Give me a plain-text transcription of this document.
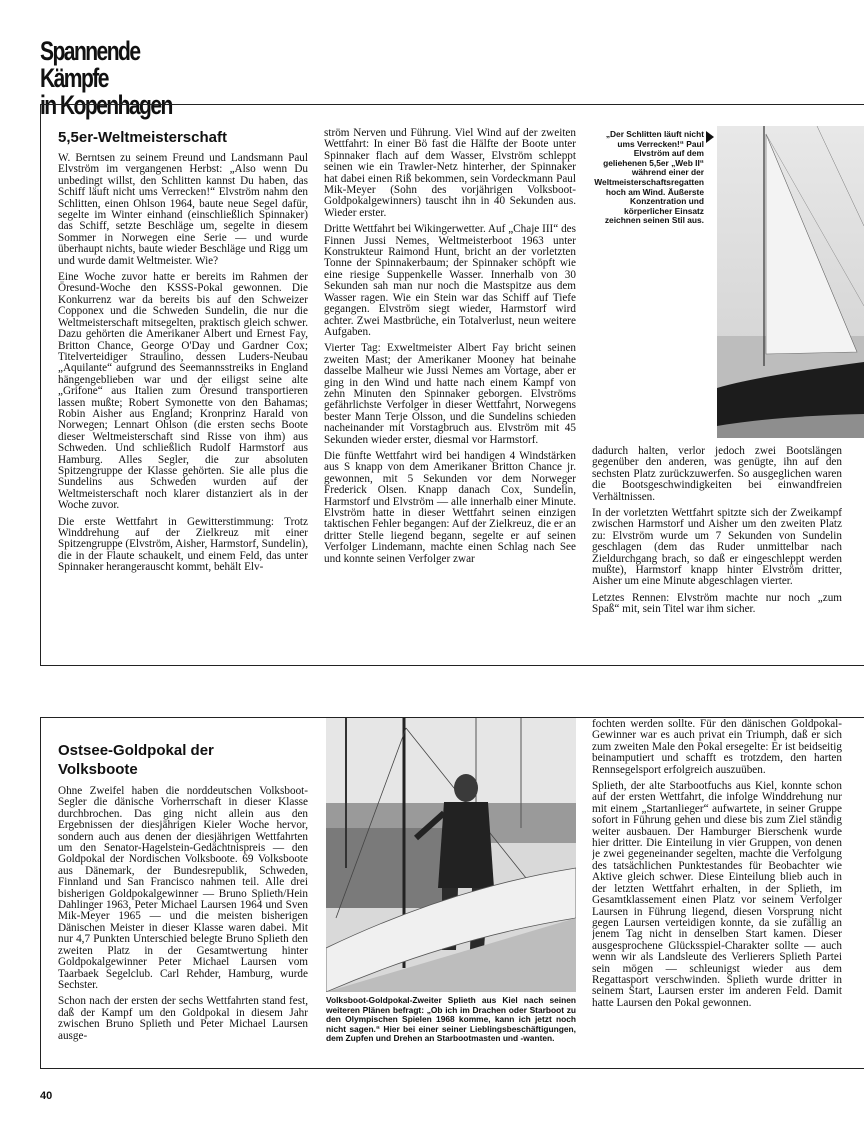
Spannende Kämpfe
in Kopenhagen
5,5er-Weltmeisterschaft

W. Berntsen zu seinem Freund und Landsmann Paul Elvström im vergangenen Herbst: „Also wenn Du unbedingt willst, den Schlitten kannst Du haben, das Schiff läuft nicht ums Verrecken!“ Elvström nahm den Schlitten, einen Ohlson 1964, baute neue Segel dafür, segelte im Winter einhand (einschließlich Spinnaker) das Schiff, setzte Beschläge um, segelte in diesem Sommer in Norwegen eine Serie — und wurde überhaupt nichts, baute wieder Beschläge und Rigg um und wurde damit Weltmeister. Wie?

Eine Woche zuvor hatte er bereits im Rahmen der Öresund-Woche den KSSS-Pokal gewonnen. Die Konkurrenz war da bereits bis auf den Schweizer Copponex und die Schweden Sundelin, die nur die Weltmeisterschaft mitsegelten, praktisch gleich schwer. Dazu gehörten die Amerikaner Albert und Ernest Fay, Britton Chance, George O'Day und Gardner Cox; Titelverteidiger Straulino, dessen Luders-Neubau „Aquilante“ aufgrund des Seemannsstreiks in England hängengeblieben war und der eiligst seine alte „Grifone“ aus Italien zum Öresund transportieren lassen mußte; Robert Symonette von den Bahamas; Robin Aisher aus England; Kronprinz Harald von Norwegen; Lennart Ohlson (die ersten sechs Boote dieser Weltmeisterschaft sind Risse von ihm) aus Schweden. Und schließlich Rudolf Harmstorf aus Hamburg. Alles Segler, die zur absoluten Spitzengruppe der Klasse gehörten. Sie alle plus die Sundelins aus Schweden wurden auf der Weltmeisterschaft noch klarer distanziert als in der Woche zuvor.

Die erste Wettfahrt in Gewitterstimmung: Trotz Winddrehung auf der Zielkreuz mit einer Spitzengruppe (Elvström, Aisher, Harmstorf, Sundelin), die in der Flaute schaukelt, und einem Feld, das unter Spinnaker herangerauscht kommt, behält Elv-

ström Nerven und Führung. Viel Wind auf der zweiten Wettfahrt: In einer Bö fast die Hälfte der Boote unter Spinnaker flach auf dem Wasser, Elvström schleppt seinen wie ein Trawler-Netz hinterher, der Spinnaker hat dabei einen Riß bekommen, sein Vordeckmann Paul Mik-Meyer (Sohn des vorjährigen Volksboot-Goldpokalgewinners) tauscht ihn in 40 Sekunden aus. Wieder erster.

Dritte Wettfahrt bei Wikingerwetter. Auf „Chaje III“ des Finnen Jussi Nemes, Weltmeisterboot 1963 unter Konstrukteur Raimond Hunt, bricht an der vorletzten Tonne der Spinnakerbaum; der Spinnaker schöpft wie eine riesige Suppenkelle Wasser. Innerhalb von 30 Sekunden sah man nur noch die Mastspitze aus dem Wasser ragen. Wie ein Stein war das Schiff auf Tiefe gegangen. Elvström siegt wieder, Harmstorf wird achter. Zwei Mastbrüche, ein Totalverlust, neun weitere Aufgaben.

Vierter Tag: Exweltmeister Albert Fay bricht seinen zweiten Mast; der Amerikaner Mooney hat beinahe dasselbe Malheur wie Jussi Nemes am Vortage, aber er ging in den Wind und hatte nach einem Kampf von zehn Minuten den Spinnaker geborgen. Elvströms gefährlichste Verfolger in dieser Wettfahrt, Norwegens bester Mann Terje Olsson, und die Sundelins schieden nacheinander mit Vorstagbruch aus. Elvström mit 45 Sekunden wieder erster, diesmal vor Harmstorf.

Die fünfte Wettfahrt wird bei handigen 4 Windstärken aus S knapp von dem Amerikaner Britton Chance jr. gewonnen, mit 5 Sekunden vor dem Norweger Frederick Olsen. Knapp danach Cox, Sundelin, Harmstorf und Elvström — alle innerhalb einer Minute. Elvström hatte in dieser Wettfahrt seinen einzigen taktischen Fehler begangen: Auf der Zielkreuz, die er an dritter Stelle liegend begann, segelte er auf seinen Verfolger Lindemann, machte einen Schlag nach See und konnte seinen Verfolger zwar

„Der Schlitten läuft nicht ums Verrecken!“ Paul Elvström auf dem geliehenen 5,5er „Web II“ während einer der Weltmeisterschaftsregatten hoch am Wind. Äußerste Konzentration und körperlicher Einsatz zeichnen seinen Stil aus.

dadurch halten, verlor jedoch zwei Bootslängen gegenüber den anderen, was genügte, ihn auf den sechsten Platz zurückzuwerfen. So ausgeglichen waren die Bootsgeschwindigkeiten bei einwandfreien Verhältnissen.

In der vorletzten Wettfahrt spitzte sich der Zweikampf zwischen Harmstorf und Aisher um den zweiten Platz zu: Elvström wurde um 7 Sekunden von Sundelin geschlagen (dem das Ruder unmittelbar nach Zieldurchgang brach, so daß er eingeschleppt werden mußte), Harmstorf knapp hinter Elvström dritter, Aisher um eine Minute abgeschlagen vierter.

Letztes Rennen: Elvström machte nur noch „zum Spaß“ mit, sein Titel war ihm sicher.

Ostsee-Goldpokal der Volksboote

Ohne Zweifel haben die norddeutschen Volksboot-Segler die dänische Vorherrschaft in dieser Klasse durchbrochen. Das ging nicht allein aus den Ergebnissen der diesjährigen Kieler Woche hervor, sondern auch aus denen der diesjährigen Wettfahrten um den Senator-Hagelstein-Gedächtnispreis — den Goldpokal der Nordischen Volksboote. 69 Volksboote aus Dänemark, der Bundesrepublik, Schweden, Finnland und San Francisco nahmen teil. Alle drei bisherigen Goldpokalgewinner — Bruno Splieth/Hein Dahlinger 1963, Peter Michael Laursen 1964 und Sven Mik-Meyer 1965 — und die meisten bisherigen Dänischen Meister in dieser Klasse waren dabei. Mit nur 4,7 Punkten Unterschied belegte Bruno Splieth den zweiten Platz in der Gesamtwertung hinter Goldpokalgewinner Peter Michael Laursen vom Taarbaek Segelclub. Carl Rehder, Hamburg, wurde Sechster.

Schon nach der ersten der sechs Wettfahrten stand fest, daß der Kampf um den Goldpokal in diesem Jahr zwischen Bruno Splieth und Peter Michael Laursen ausge-

Volksboot-Goldpokal-Zweiter Splieth aus Kiel nach seinen weiteren Plänen befragt: „Ob ich im Drachen oder Starboot zu den Olympischen Spielen 1968 komme, kann ich jetzt noch nicht sagen.“ Hier bei einer seiner Lieblingsbeschäftigungen, dem Zupfen und Drehen an Starbootmasten und -wanten.

fochten werden sollte. Für den dänischen Goldpokal-Gewinner war es auch privat ein Triumph, daß er sich zum zweiten Male den Pokal ersegelte: Er ist beidseitig beinamputiert und schafft es trotzdem, den harten Rennsegelsport erfolgreich auszuüben.

Splieth, der alte Starbootfuchs aus Kiel, konnte schon auf der ersten Wettfahrt, die infolge Winddrehung nur mit einem „Startanlieger“ aufwartete, in seiner Gruppe sofort in Führung gehen und diese bis zum Ziel ständig weiter ausbauen. Der Hamburger Bierschenk wurde hier dritter. Die Einteilung in vier Gruppen, von denen je zwei gegeneinander segelten, machte die Verfolgung des tatsächlichen Punktestandes für Beobachter wie Aktive gleich schwer. Diese Einteilung blieb auch in der letzten Wettfahrt erhalten, in der Splieth, im Gesamtklassement einen Platz vor seinem Verfolger Laursen in Führung liegend, diesen Vorsprung nicht gegen Laursen verteidigen konnte, da sie zufällig an jenem Tag nicht in denselben Start kamen. Dieser ausgesprochene Glücksspiel-Charakter sollte — auch wenn wir als Landsleute des Verlierers Splieth Partei sein mögen — schleunigst wieder aus dem Regattasport verschwinden. Splieth wurde dritter in seinem Start, Laursen erster im anderen Feld. Damit hatte Laursen den Pokal gewonnen.

40
